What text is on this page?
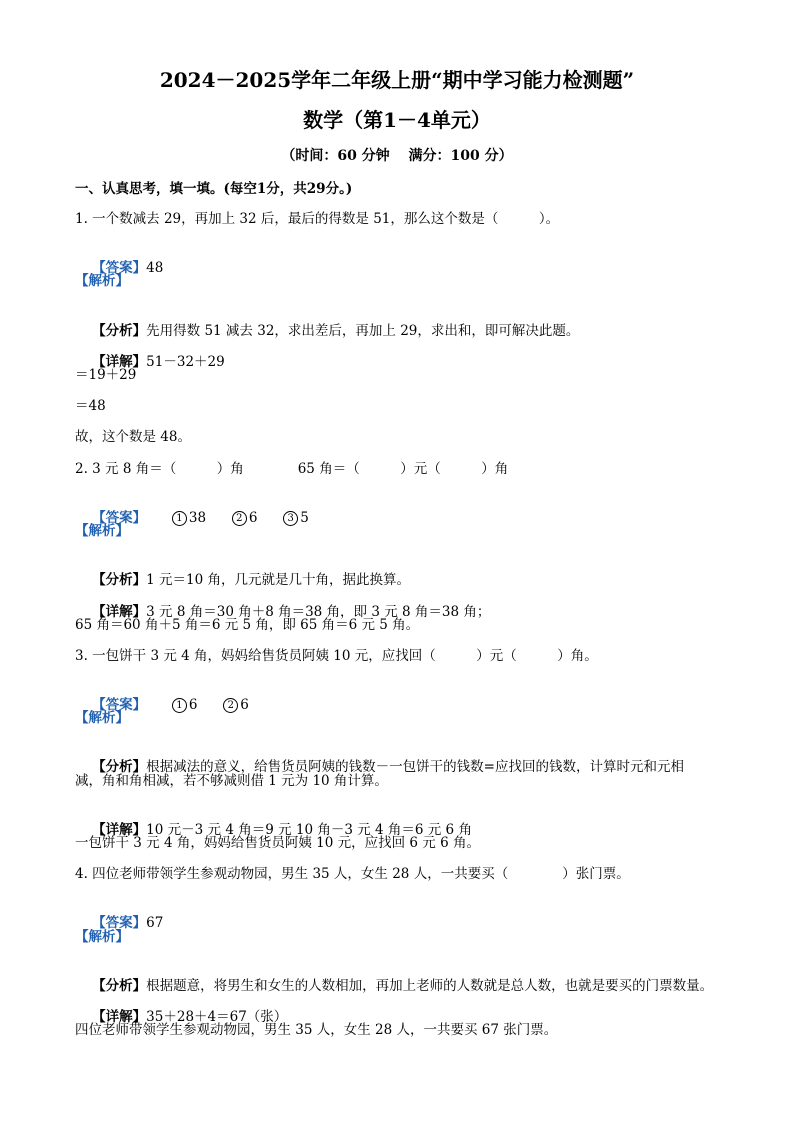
2024－2025学年二年级上册“期中学习能力检测题”
数学（第1－4单元）
（时间：60 分钟　 满分：100 分）
一、认真思考，填一填。(每空1分，共29分。)
1. 一个数减去 29，再加上 32 后，最后的得数是 51，那么这个数是（　　　）。

【答案】48

【解析】

【分析】先用得数 51 减去 32，求出差后，再加上 29，求出和，即可解决此题。

【详解】51－32＋29

＝19＋29
＝48
故，这个数是 48。
2. 3 元 8 角＝（　　　）角　　　　65 角＝（　　　）元（　　　）角

【答案】	1 38	2 6	3 5

【解析】

【分析】1 元＝10 角，几元就是几十角，据此换算。

【详解】3 元 8 角＝30 角＋8 角＝38 角，即 3 元 8 角＝38 角；

65 角＝60 角＋5 角＝6 元 5 角，即 65 角＝6 元 5 角。
3. 一包饼干 3 元 4 角，妈妈给售货员阿姨 10 元，应找回（　　　）元（　　　）角。

【答案】	1 6	2 6

【解析】

【分析】根据减法的意义，给售货员阿姨的钱数－一包饼干的钱数=应找回的钱数，计算时元和元相

减，角和角相减，若不够减则借 1 元为 10 角计算。

【详解】10 元－3 元 4 角＝9 元 10 角－3 元 4 角＝6 元 6 角

一包饼干 3 元 4 角，妈妈给售货员阿姨 10 元，应找回 6 元 6 角。
4. 四位老师带领学生参观动物园，男生 35 人，女生 28 人，一共要买（　　　　）张门票。

【答案】67

【解析】

【分析】根据题意，将男生和女生的人数相加，再加上老师的人数就是总人数，也就是要买的门票数量。

【详解】35＋28＋4＝67（张）

四位老师带领学生参观动物园，男生 35 人，女生 28 人，一共要买 67 张门票。
